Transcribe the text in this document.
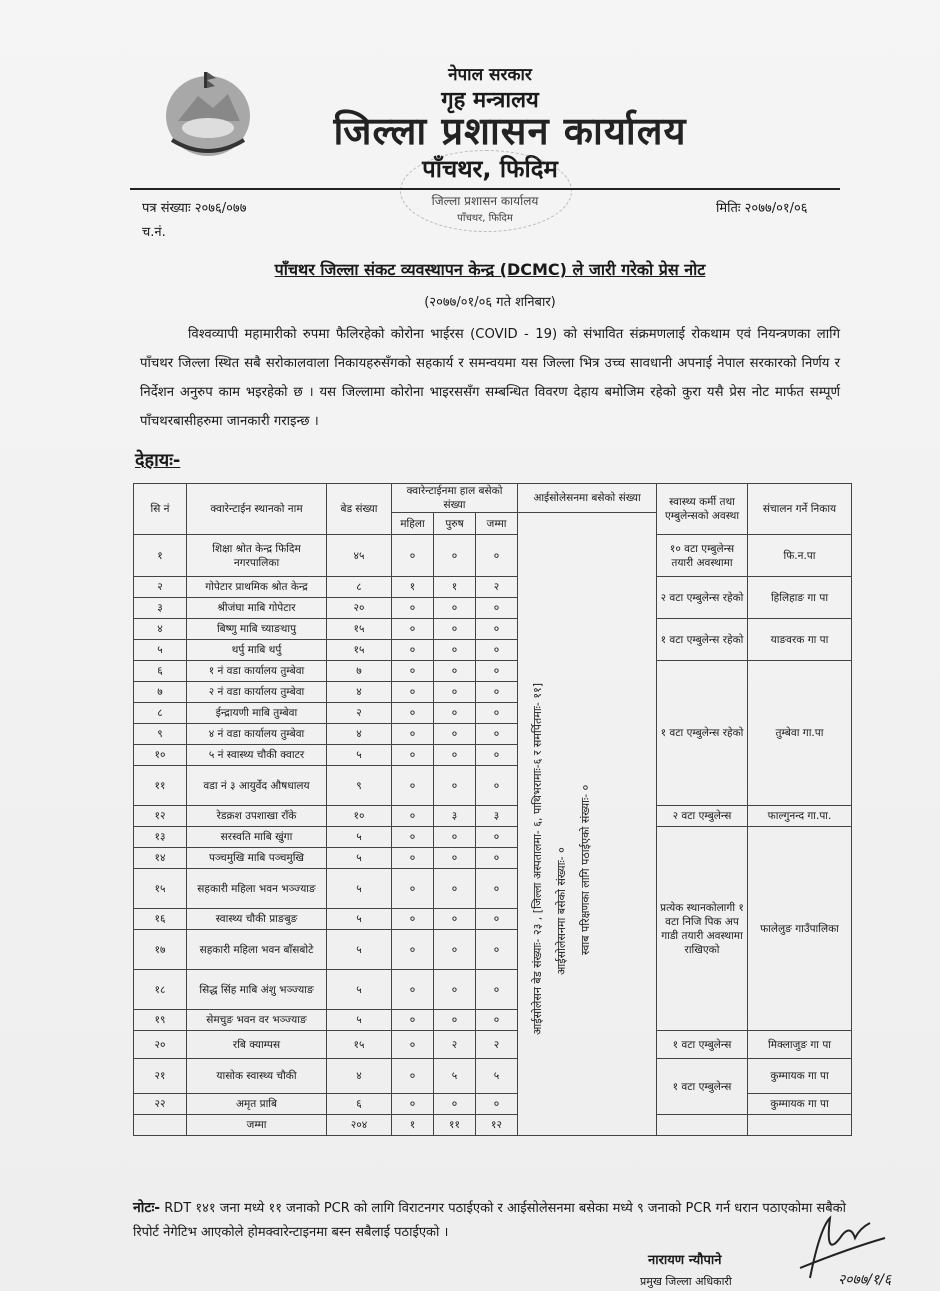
नेपाल सरकार
गृह मन्त्रालय
जिल्ला प्रशासन कार्यालय
पाँचथर, फिदिम
जिल्ला प्रशासन कार्यालय
पाँचथर, फिदिम
पत्र संख्याः २०७६/०७७
च.नं.
मितिः २०७७/०१/०६
पाँचथर जिल्ला संकट व्यवस्थापन केन्द्र (DCMC) ले जारी गरेको प्रेस नोट
(२०७७/०१/०६ गते शनिबार)
विश्वव्यापी महामारीको रुपमा फैलिरहेको कोरोना भाईरस (COVID - 19) को संभावित संक्रमणलाई रोकथाम एवं नियन्त्रणका लागि पाँचथर जिल्ला स्थित सबै सरोकालवाला निकायहरुसँगको सहकार्य र समन्वयमा यस जिल्ला भित्र उच्च सावधानी अपनाई नेपाल सरकारको निर्णय र निर्देशन अनुरुप काम भइरहेको छ । यस जिल्लामा कोरोना भाइरससँग सम्बन्धित विवरण देहाय बमोजिम रहेको कुरा यसै प्रेस नोट मार्फत सम्पूर्ण पाँचथरबासीहरुमा जानकारी गराइन्छ ।
देहायः-
सि नं	क्वारेन्टाईन स्थानको नाम	बेड संख्या	क्वारेन्टाईनमा हाल बसेको संख्या			आईसोलेसनमा बसेको संख्या	स्वास्थ्य कर्मी तथा एम्बुलेन्सको अवस्था	संचालन गर्ने निकाय
			महिला	पुरुष	जम्मा			
१	शिक्षा श्रोत केन्द्र फिदिम नगरपालिका	४५	०	०	०	आईसोलेसन बेड संख्याः- २३ , [जिल्ला अस्पतालमा- ६, पाथिभरामाः-६ र समर्पितमाः- ११] आईसोलेसनमा बसेको संख्याः- ० स्वाब परिक्षणका लागि पठाईएको संख्याः- ०	१० वटा एम्बुलेन्स तयारी अवस्थामा	फि.न.पा
२	गोपेटार प्राथमिक श्रोत केन्द्र	८	१	१	२		२ वटा एम्बुलेन्स रहेको	हिलिहाङ गा पा
३	श्रीजंघा माबि गोपेटार	२०	०	०	०			
४	बिष्णु माबि च्याङथापु	१५	०	०	०		१ वटा एम्बुलेन्स रहेको	याङवरक गा पा
५	थर्पु माबि थर्पु	१५	०	०	०			
६	१ नं वडा कार्यालय तुम्बेवा	७	०	०	०		१ वटा एम्बुलेन्स रहेको	तुम्बेवा गा.पा
७	२ नं वडा कार्यालय तुम्बेवा	४	०	०	०			
८	ईन्द्रायणी माबि तुम्बेवा	२	०	०	०			
९	४ नं वडा कार्यालय तुम्बेवा	४	०	०	०			
१०	५ नं स्वास्थ्य चौकी क्वाटर	५	०	०	०			
११	वडा नं ३ आयुर्वेद औषधालय	९	०	०	०			
१२	रेडक्रश उपशाखा राँके	१०	०	३	३		२ वटा एम्बुलेन्स	फाल्गुनन्द गा.पा.
१३	सरस्वति माबि खुंगा	५	०	०	०		प्रत्येक स्थानकोलागी १ वटा निजि पिक अप गाडी तयारी अवस्थामा राखिएको	फालेलुङ गाउँपालिका
१४	पञ्चमुखि माबि पञ्चमुखि	५	०	०	०			
१५	सहकारी महिला भवन भञ्ज्याङ	५	०	०	०			
१६	स्वास्थ्य चौकी प्राङबुङ	५	०	०	०			
१७	सहकारी महिला भवन बाँसबोटे	५	०	०	०			
१८	सिद्ध सिंह माबि अंशु भञ्ज्याङ	५	०	०	०			
१९	सेमचुङ भवन वर भञ्ज्याङ	५	०	०	०			
२०	रबि क्याम्पस	१५	०	२	२		१ वटा एम्बुलेन्स	मिक्लाजुङ गा पा
२१	यासोक स्वास्थ्य चौकी	४	०	५	५		१ वटा एम्बुलेन्स	कुम्मायक गा पा
२२	अमृत प्राबि	६	०	०	०			कुम्मायक गा पा
	जम्मा	२०४	१	११	१२			
नोटः- RDT १४१ जना मध्ये ११ जनाको PCR को लागि विराटनगर पठाईएको र आईसोलेसनमा बसेका मध्ये ९ जनाको PCR गर्न धरान पठाएकोमा सबैको रिपोर्ट नेगेटिभ आएकोले होमक्वारेन्टाइनमा बस्न सबैलाई पठाईएको ।
नारायण न्यौपाने
प्रमुख जिल्ला अधिकारी	२०७७/१/६
